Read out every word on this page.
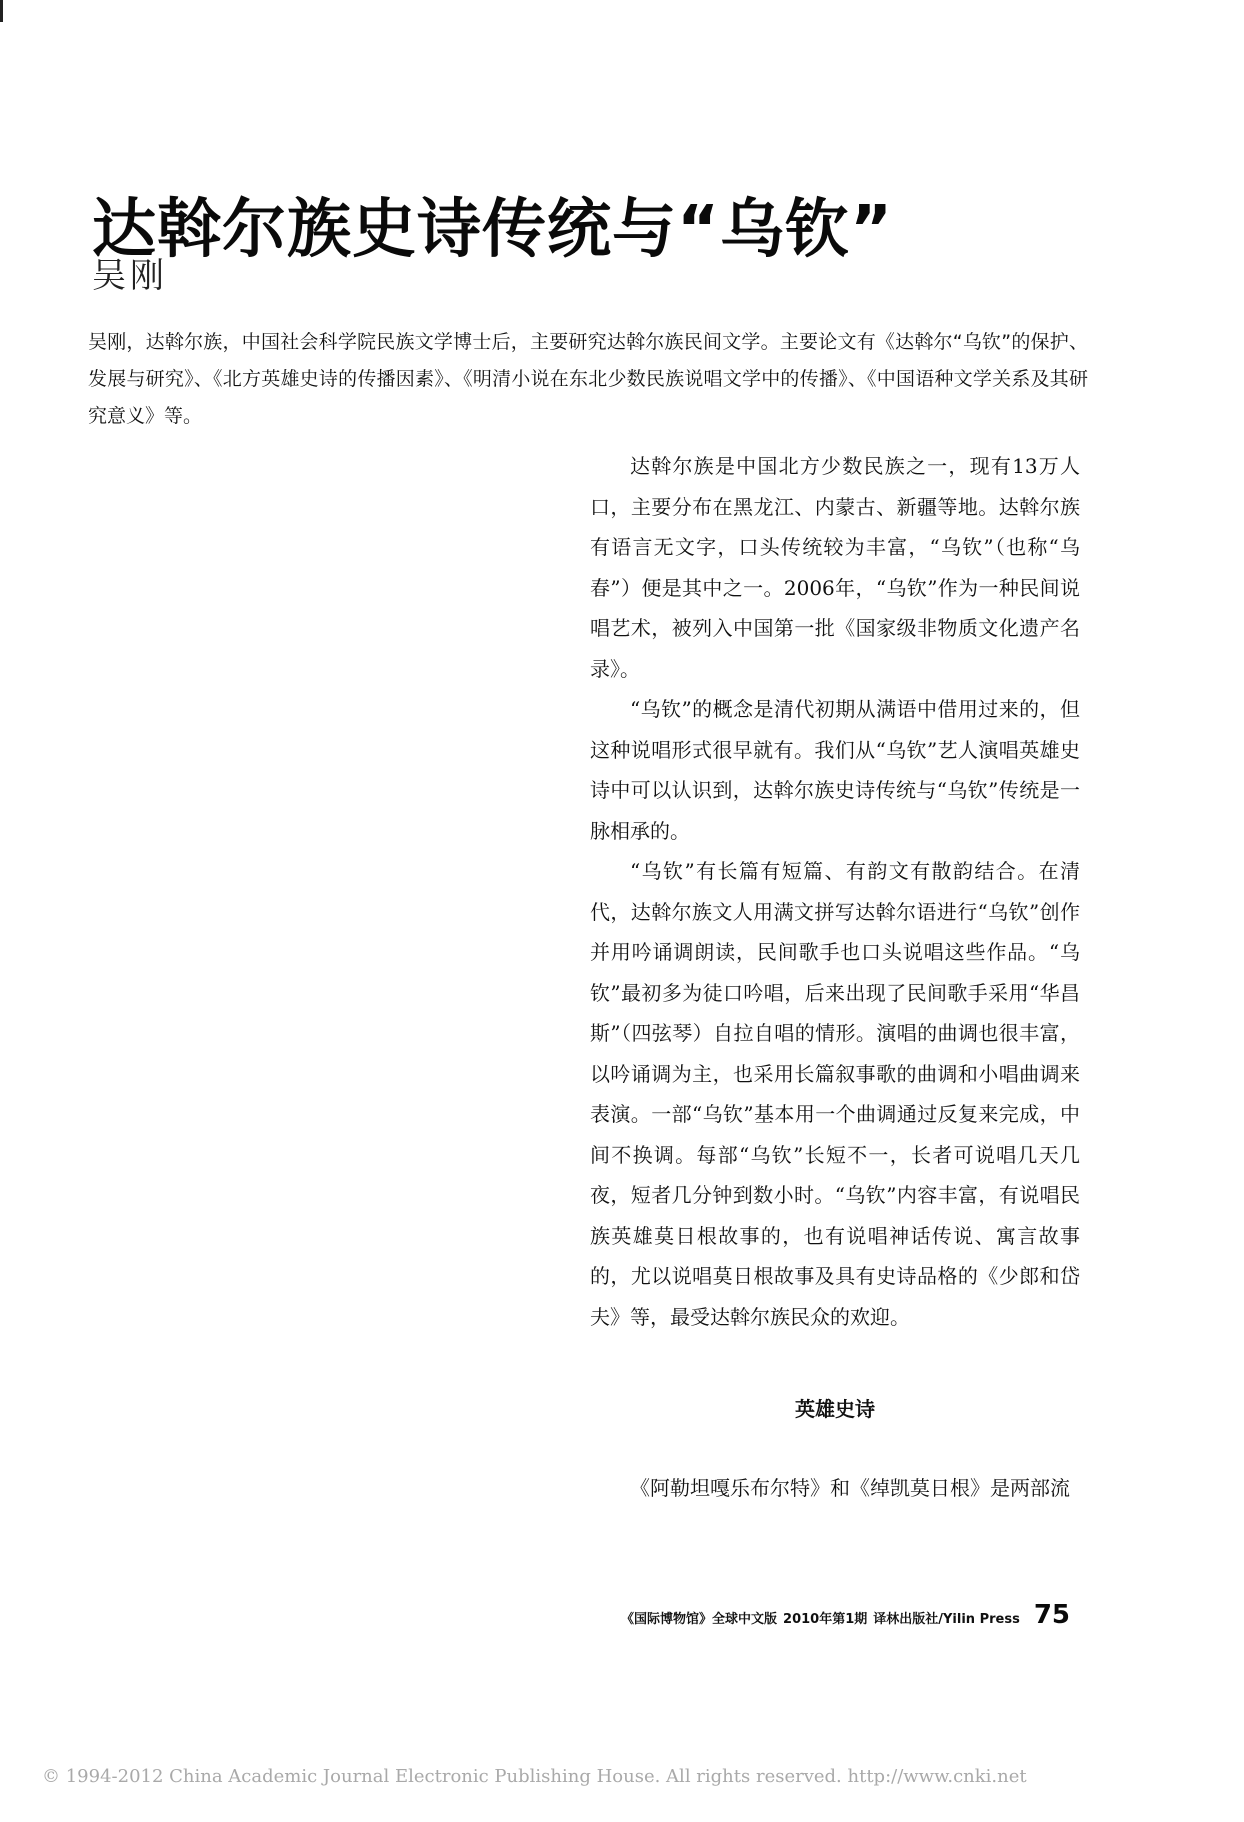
达斡尔族史诗传统与“乌钦”
吴刚
吴刚，达斡尔族，中国社会科学院民族文学博士后，主要研究达斡尔族民间文学。主要论文有《达斡尔“乌钦”的保护、发展与研究》、《北方英雄史诗的传播因素》、《明清小说在东北少数民族说唱文学中的传播》、《中国语种文学关系及其研究意义》等。

达斡尔族是中国北方少数民族之一，现有13万人口，主要分布在黑龙江、内蒙古、新疆等地。达斡尔族有语言无文字，口头传统较为丰富，“乌钦”（也称“乌春”）便是其中之一。2006年，“乌钦”作为一种民间说唱艺术，被列入中国第一批《国家级非物质文化遗产名录》。

“乌钦”的概念是清代初期从满语中借用过来的，但这种说唱形式很早就有。我们从“乌钦”艺人演唱英雄史诗中可以认识到，达斡尔族史诗传统与“乌钦”传统是一脉相承的。

“乌钦”有长篇有短篇、有韵文有散韵结合。在清代，达斡尔族文人用满文拼写达斡尔语进行“乌钦”创作并用吟诵调朗读，民间歌手也口头说唱这些作品。“乌钦”最初多为徒口吟唱，后来出现了民间歌手采用“华昌斯”（四弦琴）自拉自唱的情形。演唱的曲调也很丰富，以吟诵调为主，也采用长篇叙事歌的曲调和小唱曲调来表演。一部“乌钦”基本用一个曲调通过反复来完成，中间不换调。每部“乌钦”长短不一，长者可说唱几天几夜，短者几分钟到数小时。“乌钦”内容丰富，有说唱民族英雄莫日根故事的，也有说唱神话传说、寓言故事的，尤以说唱莫日根故事及具有史诗品格的《少郎和岱夫》等，最受达斡尔族民众的欢迎。

英雄史诗
《阿勒坦嘎乐布尔特》和《绰凯莫日根》是两部流
《国际博物馆》全球中文版 2010年第1期 译林出版社/Yilin Press 75
© 1994-2012 China Academic Journal Electronic Publishing House. All rights reserved. http://www.cnki.net
